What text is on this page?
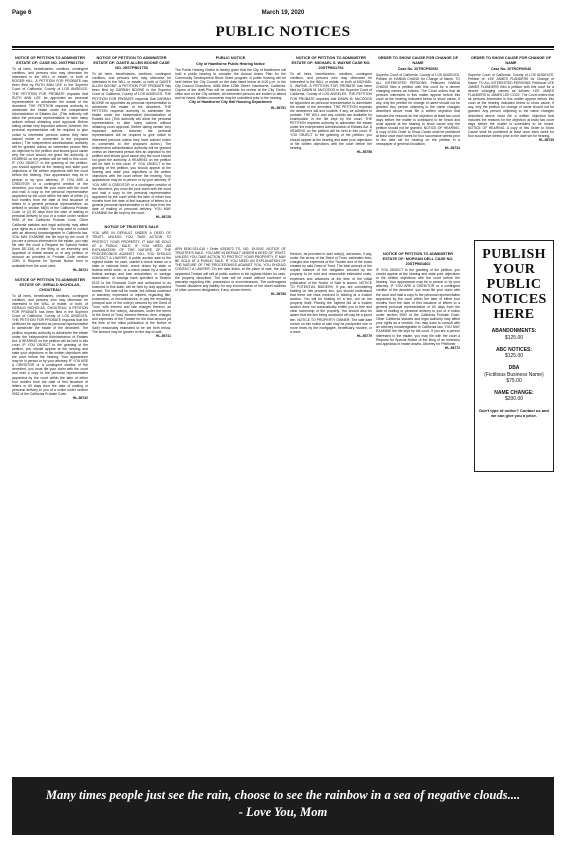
Page 6	March 19, 2020
PUBLIC NOTICES
NOTICE OF PETITION TO ADMINISTER ESTATE OF: CASE NO. 20STPB01752
To all heirs, beneficiaries, creditors, contingent creditors, and persons who may otherwise be interested in the WILL or estate, or both of ROGER HILL. A PETITION FOR PROBATE has been filed by RUTH ANN LEE in the Superior Court of California, County of LOS ANGELES. THE PETITION FOR PROBATE requests that RUTH ANN LEE be appointed as personal representative to administer the estate of the decedent. THE PETITION requests authority to administer the estate under the Independent Administration of Estates Act. (This authority will allow the personal representative to take many actions without obtaining court approval. Before taking certain very important actions, however, the personal representative will be required to give notice to interested persons unless they have waived notice or consented to the proposed action.) The independent administration authority will be granted unless an interested person files an objection to the petition and shows good cause why the court should not grant the authority. A HEARING on the petition will be held in this court. IF YOU OBJECT to the granting of the petition, you should appear at the hearing and state your objections or file written objections with the court before the hearing. Your appearance may be in person or by your attorney. IF YOU ARE A CREDITOR or a contingent creditor of the decedent, you must file your claim with the court and mail a copy to the personal representative appointed by the court within the later of either (1) four months from the date of first issuance of letters to a general personal representative, as defined in section 58(b) of the California Probate Code, or (2) 60 days from the date of mailing or personal delivery to you of a notice under section 9052 of the California Probate Code. Other California statutes and legal authority may affect your rights as a creditor. You may want to consult with an attorney knowledgeable in California law. YOU MAY EXAMINE the file kept by the court. If you are a person interested in the estate, you may file with the court a Request for Special Notice (form DE-154) of the filing of an inventory and appraisal of estate assets or of any petition or account as provided in Probate Code section 1250. A Request for Special Notice form is available from the court clerk.
HL-56721
NOTICE OF PETITION TO ADMINISTER ESTATE OF: GERALD NICHOLAS, CHOUTEAU
To all heirs, beneficiaries, creditors, contingent creditors, and persons who may otherwise be interested in the WILL or estate, or both, of GERALD NICHOLAS, CHOUTEAU. A PETITION FOR PROBATE has been filed in the Superior Court of California, County of LOS ANGELES. THE PETITION FOR PROBATE requests that the petitioner be appointed as personal representative to administer the estate of the decedent. The petition requests authority to administer the estate under the Independent Administration of Estates Act. A HEARING on the petition will be held in this court. IF YOU OBJECT to the granting of the petition, you should appear at the hearing and state your objections or file written objections with the court before the hearing. Your appearance may be in person or by your attorney. IF YOU ARE A CREDITOR or a contingent creditor of the decedent, you must file your claim with the court and mail a copy to the personal representative appointed by the court within the later of either four months from the date of first issuance of letters or 60 days from the date of mailing or personal delivery to you of a notice under section 9052 of the California Probate Code.
HL-56732
NOTICE OF PETITION TO ADMINISTER ESTATE OF: DANTE ALLEN BOONE CASE NO. 20STPB01753
To all heirs, beneficiaries, creditors, contingent creditors, and persons who may otherwise be interested in the WILL or estate, or both of DANTE ALLEN BOONE. A PETITION FOR PROBATE has been filed by ZARRAH BOONE in the Superior Court of California, County of LOS ANGELES. THE PETITION FOR PROBATE requests that ZARRAH BOONE be appointed as personal representative to administer the estate of the decedent. THE PETITION requests authority to administer the estate under the Independent Administration of Estates Act. (This authority will allow the personal representative to take many actions without obtaining court approval. Before taking certain very important actions, however, the personal representative will be required to give notice to interested persons unless they have waived notice or consented to the proposed action.) The independent administration authority will be granted unless an interested person files an objection to the petition and shows good cause why the court should not grant the authority. A HEARING on the petition will be held in this court. IF YOU OBJECT to the granting of the petition, you should appear at the hearing and state your objections or file written objections with the court before the hearing. Your appearance may be in person or by your attorney. IF YOU ARE A CREDITOR or a contingent creditor of the decedent, you must file your claim with the court and mail a copy to the personal representative appointed by the court within the later of either four months from the date of first issuance of letters to a general personal representative or 60 days from the date of mailing or personal delivery. YOU MAY EXAMINE the file kept by the court.
HL-56728
NOTICE OF TRUSTEE'S SALE
YOU ARE IN DEFAULT UNDER A DEED OF TRUST. UNLESS YOU TAKE ACTION TO PROTECT YOUR PROPERTY, IT MAY BE SOLD AT A PUBLIC SALE. IF YOU NEED AN EXPLANATION OF THE NATURE OF THE PROCEEDINGS AGAINST YOU, YOU SHOULD CONTACT A LAWYER. A public auction sale to the highest bidder for cash, cashier's check drawn on a state or national bank, check drawn by state or federal credit union, or a check drawn by a state or federal savings and loan association, or savings association, or savings bank specified in Section 5102 to the Financial Code and authorized to do business in this state, will be held by duly appointed trustee. The sale will be made, but without covenant or warranty, expressed or implied, regarding title, possession, or encumbrances, to pay the remaining principal sum of the note(s) secured by the Deed of Trust, with interest and late charges thereon, as provided in the note(s), advances, under the terms of the Deed of Trust, interest thereon, fees, charges and expenses of the Trustee for the total amount (at the time of the initial publication of the Notice of Sale) reasonably estimated to be set forth below. The amount may be greater on the day of sale.
HL-56741
PUBLIC NOTICE
City of Hawthorne Public Hearing Notice
The Public Hearing Notice is hereby given that the City of Hawthorne will hold a public hearing to consider the Annual Action Plan for the Community Development Block Grant program. A public hearing will be held before the City Council on the date listed below at 6:00 p.m. in the City Council Chambers, 4455 West 126th Street, Hawthorne, California. Copies of the draft Plan will be available for review at the City Clerk's office and on the City website. All interested persons are invited to attend and be heard. Written comments may be submitted prior to the hearing.
City of Hawthorne City Hall Housing Department
HL-56751
APN 8150-021-018 / Order 6293572 T.S. NO. 19-0042. NOTICE OF TRUSTEE'S SALE. YOU ARE IN DEFAULT UNDER A DEED OF TRUST. UNLESS YOU TAKE ACTION TO PROTECT YOUR PROPERTY, IT MAY BE SOLD AT A PUBLIC SALE. IF YOU NEED AN EXPLANATION OF THE NATURE OF THE PROCEEDINGS AGAINST YOU, YOU SHOULD CONTACT A LAWYER. On the date listed, at the place of sale, the duly appointed Trustee will sell at public auction to the highest bidder for cash, the property described. The sale will be made without covenant or warranty regarding title, possession or encumbrances. The undersigned Trustee disclaims any liability for any incorrectness of the street address or other common designation, if any, shown herein.
HL-56766
NOTICE OF PETITION TO ADMINISTER ESTATE OF: MICHAEL S. WAYNE CASE NO. 20STPB01794
To all heirs, beneficiaries, creditors, contingent creditors, and persons who may otherwise be interested in the WILL or estate, or both of MICHAEL S. WAYNE. A PETITION FOR PROBATE has been filed by DAWN M. McCOOGS in the Superior Court of California, County of LOS ANGELES. THE PETITION FOR PROBATE requests that DAWN M. McCOOGS be appointed as personal representative to administer the estate of the decedent. THE PETITION requests the decedent's will and codicils, if any, be admitted to probate. THE WILL and any codicils are available for examination in the file kept by the court. THE PETITION requests authority to administer the estate under the Independent Administration of Estates Act. A HEARING on the petition will be held in this court. IF YOU OBJECT to the granting of the petition, you should appear at the hearing and state your objections or file written objections with the court before the hearing.
HL-56758
thereon, as provided in said note(s), advances, if any, under the terms of the Deed of Trust, estimated fees, charges and expenses of the Trustee and of the trusts created by said Deed of Trust. The total amount of the unpaid balance of the obligation secured by the property to be sold and reasonable estimated costs, expenses and advances at the time of the initial publication of the Notice of Sale is shown. NOTICE TO POTENTIAL BIDDERS: If you are considering bidding on this property lien, you should understand that there are risks involved in bidding at a trustee auction. You will be bidding on a lien, not on the property itself. Placing the highest bid at a trustee auction does not automatically entitle you to free and clear ownership of the property. You should also be aware that the lien being auctioned off may be a junior lien. NOTICE TO PROPERTY OWNER: The sale date shown on this notice of sale may be postponed one or more times by the mortgagee, beneficiary, trustee, or a court.
HL-56779
ORDER TO SHOW CAUSE FOR CHANGE OF NAME
Case No. 20TRCP00052
Superior Court of California, County of LOS ANGELES. Petition of: HANNA CHANG for Change of Name. TO ALL INTERESTED PERSONS: Petitioner HANNA CHANG filed a petition with this court for a decree changing names as follows. The Court orders that all persons interested in this matter appear before this court at the hearing indicated below to show cause, if any, why the petition for change of name should not be granted. Any person objecting to the name changes described above must file a written objection that includes the reasons for the objection at least two court days before the matter is scheduled to be heard and must appear at the hearing to show cause why the petition should not be granted. NOTICE OF HEARING. A copy of this Order to Show Cause shall be published at least once each week for four successive weeks prior to the date set for hearing on the petition in a newspaper of general circulation.
HL-56734
NOTICE OF PETITION TO ADMINISTER ESTATE OF: MORGAN DELL CASE NO. 20STPB01802
IF YOU OBJECT to the granting of the petition, you should appear at the hearing and state your objections or file written objections with the court before the hearing. Your appearance may be in person or by your attorney. IF YOU ARE A CREDITOR or a contingent creditor of the decedent, you must file your claim with the court and mail a copy to the personal representative appointed by the court within the later of either four months from the date of first issuance of letters to a general personal representative or 60 days from the date of mailing or personal delivery to you of a notice under section 9052 of the California Probate Code. Other California statutes and legal authority may affect your rights as a creditor. You may want to consult with an attorney knowledgeable in California law. YOU MAY EXAMINE the file kept by the court. If you are a person interested in the estate, you may file with the court a Request for Special Notice of the filing of an inventory and appraisal of estate assets. Attorney for Petitioner.
HL-56772
ORDER TO SHOW CAUSE FOR CHANGE OF NAME
Case No. 20TRCP00046
Superior Court of California, County of LOS ANGELES. Petition of: LEE JAMES FLANDERS for Change of Name. TO ALL INTERESTED PERSONS: Petitioner LEE JAMES FLANDERS filed a petition with this court for a decree changing names as follows: LEE JAMES FLANDERS to JAMES LEE COLE. The Court orders that all persons interested in this matter appear before this court at the hearing indicated below to show cause, if any, why the petition for change of name should not be granted. Any person objecting to the name changes described above must file a written objection that includes the reasons for the objection at least two court days before the matter is scheduled to be heard. NOTICE OF HEARING. A copy of this Order to Show Cause shall be published at least once each week for four successive weeks prior to the date set for hearing.
HL-56735
PUBLISH
YOUR
PUBLIC
NOTICES
HERE
ABANDONMENTS:
$125.00
ABC NOTICES:
$125.00
DBA
(Fictitious Business Name)
$75.00
NAME CHANGE:
$200.00
Don't type of notice? Contact us and we can give you a price.
Many times people just see the rain, choose to see the rainbow in a sea of negative clouds....
- Love You, Mom
